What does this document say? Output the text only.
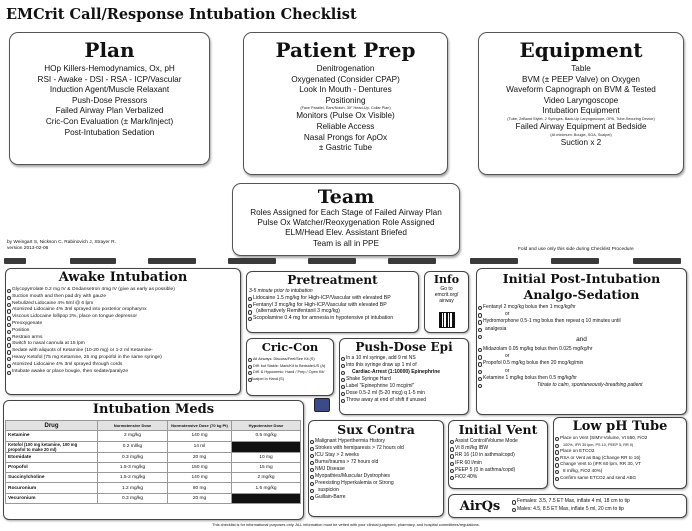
EMCrit Call/Response Intubation Checklist
Plan
HOp Killers-Hemodynamics, Ox, pH
RSI - Awake - DSI - RSA - ICP/Vascular
Induction Agent/Muscle Relaxant
Push-Dose Pressors
Failed Airway Plan Verbalized
Cric-Con Evaluation (± Mark/Inject)
Post-Intubation Sedation
Patient Prep
Denitrogenation
Oxygenated (Consider CPAP)
Look In Mouth - Dentures
Positioning
(Face Parallel, Ears/Notch, 30° Head-Up, Collar Plan)
Monitors (Pulse Ox Visible)
Reliable Access
Nasal Prongs for ApOx
± Gastric Tube
Equipment
Table
BVM (± PEEP Valve) on Oxygen
Waveform Capnograph on BVM & Tested
Video Laryngoscope
Intubation Equipment
(Tube, 2xBand Stylet, 2 Syringes, Back-Up Laryngoscope, OPA, Tube-Securing Device)
Failed Airway Equipment at Bedside
(At minimum: Bougie, SGA, Scalpel)
Suction x 2
Team
Roles Assigned for Each Stage of Failed Airway Plan
Pulse Ox Watcher/Reoxygenation Role Assigned
ELM/Head Elev. Assistant Briefed
Team is all in PPE
by Weingart S, Nickson C, Rabinovich J, Strayer R.
version 2013-02-06	Fold and use only this side during Checklist Procedure
Awake Intubation
Glycopyrrolate 0.2 mg IV & Ondansetron 4mg IV (give as early as possible)
Suction mouth and then pad dry with gauze
Nebulized Lidocaine 4% 5ml @ 6 lpm
Atomized Lidocaine 4% 3ml sprayed into posterior oropharynx
Viscous Lidocaine lollipop 2%, place on tongue depressor
Preoxygenate
Position
Restrain arms
Switch to nasal cannula at 15 lpm
Sedate with aliquots of Ketamine (10-20 mg) or 1-2 ml Ketamine-
Heavy Ketofol (75 mg Ketamine, 25 mg propofol in the same syringe)
Atomized Lidocaine 4% 3ml sprayed through cords
Intubate awake or place bougie, then sedate/paralyze
Pretreatment
3-5 minute prior to intubation
Lidocaine 1.5 mg/kg for High-ICP/Vascular with elevated BP
Fentanyl 3 mcg/kg for High-ICP/Vascular with elevated BP
(alternatively Remifentanil 3 mcg/kg)
Scopolamine 0.4 mg for amnesia in hypotensive pt intubation
Info
Go to
emcrit.org/
airway
Cric-Con
All Airways: Discuss/Feel/See Kit (S)
Diff. but Stable: Mark/Kit to Bedside/US (A)
Diff. & Hypoxemic: Hand / Prep / Open Kit/
Scalpel In Hand (S)
Push-Dose Epi
In a 10 ml syringe, add 9 ml NS
Into this syringe draw up 1 ml of
Cardiac-Arrest (1:10000) Epinephrine
Shake Syringe Hard
Label "Epinephrine 10 mcg/ml"
Dose 0.5-2 ml (5-20 mcg) q 1-5 min
Throw away at end of shift if unused
Initial Post-Intubation
Analgo-Sedation
Fentanyl 2 mcg/kg bolus then 1 mcg/kg/hr
or
Hydromorphone 0.5-1 mg bolus then repeat q 10 minutes until
analgesia
and
Midazolam 0.05 mg/kg bolus then 0.025 mg/kg/hr
or
Propofol 0.5 mg/kg bolus then 20 mcg/kg/min
or
Ketamine 1 mg/kg bolus then 0.5 mg/kg/hr
Titrate to calm, spontaneously-breathing patient
Intubation Meds
Drug	Normotensive Dose	Normotensive Dose (70 kg Pt)	Hypotensive Dose
Ketamine	2 mg/kg	140 mg	0.5 mg/kg
Ketofol (100 mg ketamine, 100 mg propofol to make 20 ml)	0.2 ml/kg	14 ml	
Etomidate	0.3 mg/kg	20 mg	10 mg
Propofol	1.5-3 mg/kg	150 mg	15 mg
Succinylcholine	1.5-2 mg/kg	140 mg	2 mg/kg
Rocuronium	1.2 mg/kg	80 mg	1.6 mg/kg
Vecuronium	0.3 mg/kg	20 mg	
Sux Contra
Malignant Hyperthermia History
Strokes with hemiparesis > 72 hours old
ICU Stay > 2 weeks
Burns/trauma > 72 hours old
NMJ Disease
Myopathies/Muscular Dystrophies
Preexisting Hyperkalemia or Strong
suspicion
Guillain-Barre
Initial Vent
Assist Control/Volume Mode
Vt 8 ml/kg IBW
RR 16 (10 in asthma/copd)
IFR 60 l/min
PEEP 5 (0 in asthma/copd)
FiO2 40%
Low pH Tube
Place on Vent (SIMV-Volume, Vt 550, FiO2
100%, IFR 30 lpm, PS 10, PEEP 5, RR 0)
Place on ETCO2
RSA or Vent as Bag (Change RR to 16)
Change Vent to (IFR 60 lpm, RR 30, VT
8 ml/kg, FiO2 40%)
Confirm same ETCO2 and send ABG
AirQs	Females: 3.5, 7.5 ET Max, inflate 4 ml, 18 cm to tip
Males: 4.5, 8.5 ET Max, inflate 5 ml, 20 cm to tip
This checklist is for informational purposes only. ALL information must be vetted with your clinical judgment, pharmacy, and hospital committees/regulations.
